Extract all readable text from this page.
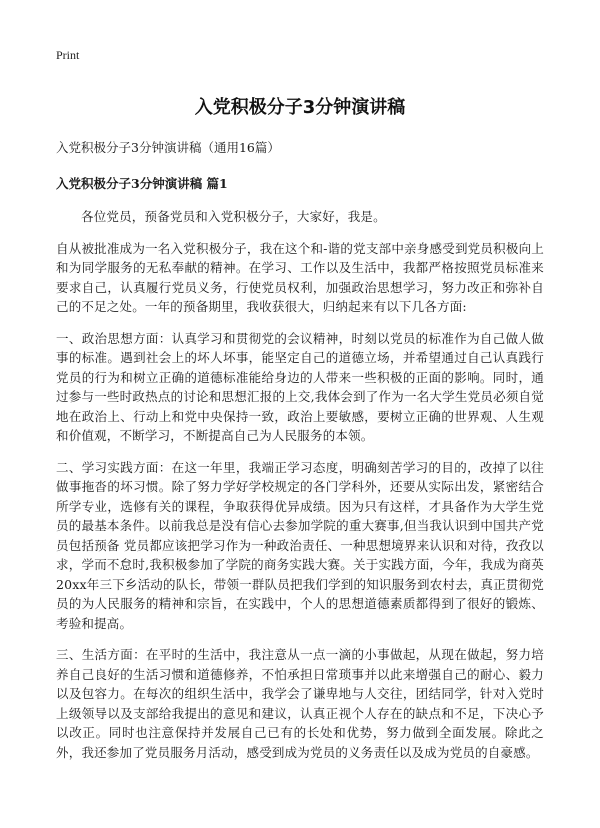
Print
入党积极分子3分钟演讲稿
入党积极分子3分钟演讲稿（通用16篇）
入党积极分子3分钟演讲稿 篇1

各位党员，预备党员和入党积极分子，大家好，我是。

自从被批准成为一名入党积极分子，我在这个和-谐的党支部中亲身感受到党员积极向上和为同学服务的无私奉献的精神。在学习、工作以及生活中，我都严格按照党员标准来要求自己，认真履行党员义务，行使党员权利，加强政治思想学习，努力改正和弥补自己的不足之处。一年的预备期里，我收获很大，归纳起来有以下几各方面:

一、政治思想方面：认真学习和贯彻党的会议精神，时刻以党员的标准作为自己做人做事的标准。遇到社会上的坏人坏事，能坚定自己的道德立场，并希望通过自己认真践行党员的行为和树立正确的道德标准能给身边的人带来一些积极的正面的影响。同时，通过参与一些时政热点的讨论和思想汇报的上交,我体会到了作为一名大学生党员必须自觉地在政治上、行动上和党中央保持一致，政治上要敏感，要树立正确的世界观、人生观和价值观，不断学习，不断提高自己为人民服务的本领。

二、学习实践方面：在这一年里，我端正学习态度，明确刻苦学习的目的，改掉了以往做事拖沓的坏习惯。除了努力学好学校规定的各门学科外，还要从实际出发，紧密结合所学专业，选修有关的课程，争取获得优异成绩。因为只有这样，才具备作为大学生党员的最基本条件。以前我总是没有信心去参加学院的重大赛事,但当我认识到中国共产党员包括预备 党员都应该把学习作为一种政治责任、一种思想境界来认识和对待，孜孜以求，学而不怠时,我积极参加了学院的商务实践大赛。关于实践方面，今年，我成为商英20xx年三下乡活动的队长，带领一群队员把我们学到的知识服务到农村去，真正贯彻党员的为人民服务的精神和宗旨，在实践中，个人的思想道德素质都得到了很好的锻炼、考验和提高。

三、生活方面：在平时的生活中，我注意从一点一滴的小事做起，从现在做起，努力培养自己良好的生活习惯和道德修养，不怕承担日常琐事并以此来增强自己的耐心、毅力以及包容力。在每次的组织生活中，我学会了谦卑地与人交往，团结同学，针对入党时上级领导以及支部给我提出的意见和建议，认真正视个人存在的缺点和不足，下决心予以改正。同时也注意保持并发展自己已有的长处和优势，努力做到全面发展。除此之外，我还参加了党员服务月活动，感受到成为党员的义务责任以及成为党员的自豪感。
